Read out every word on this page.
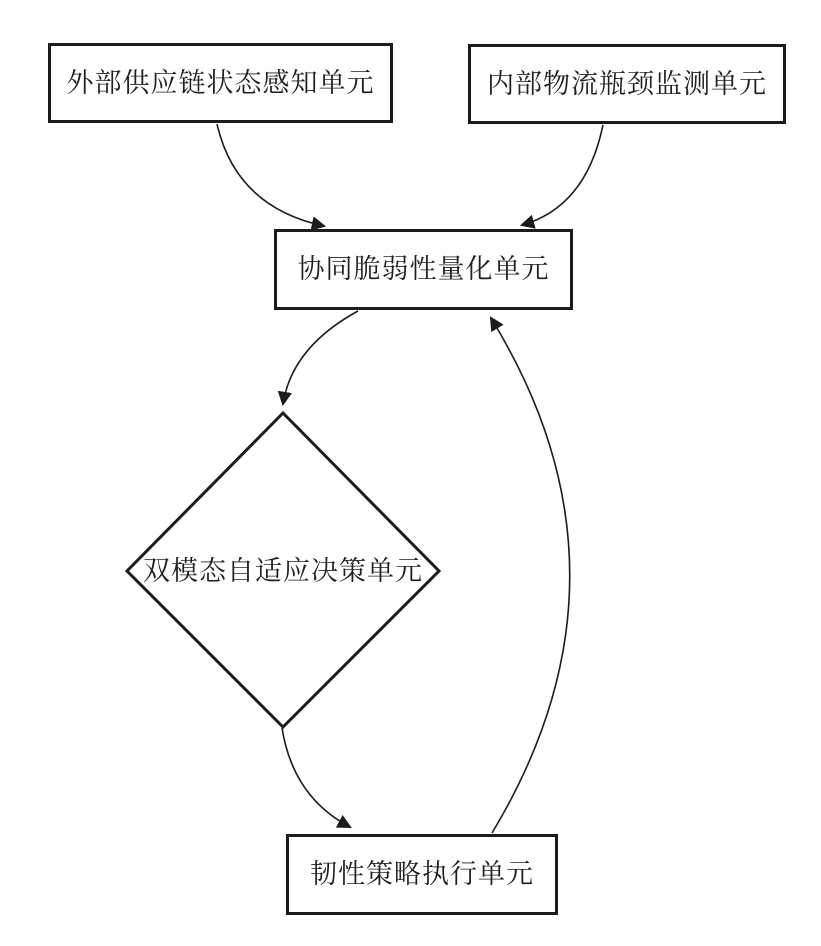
外部供应链状态感知单元	内部物流瓶颈监测单元
协同脆弱性量化单元
双模态自适应决策单元
韧性策略执行单元
